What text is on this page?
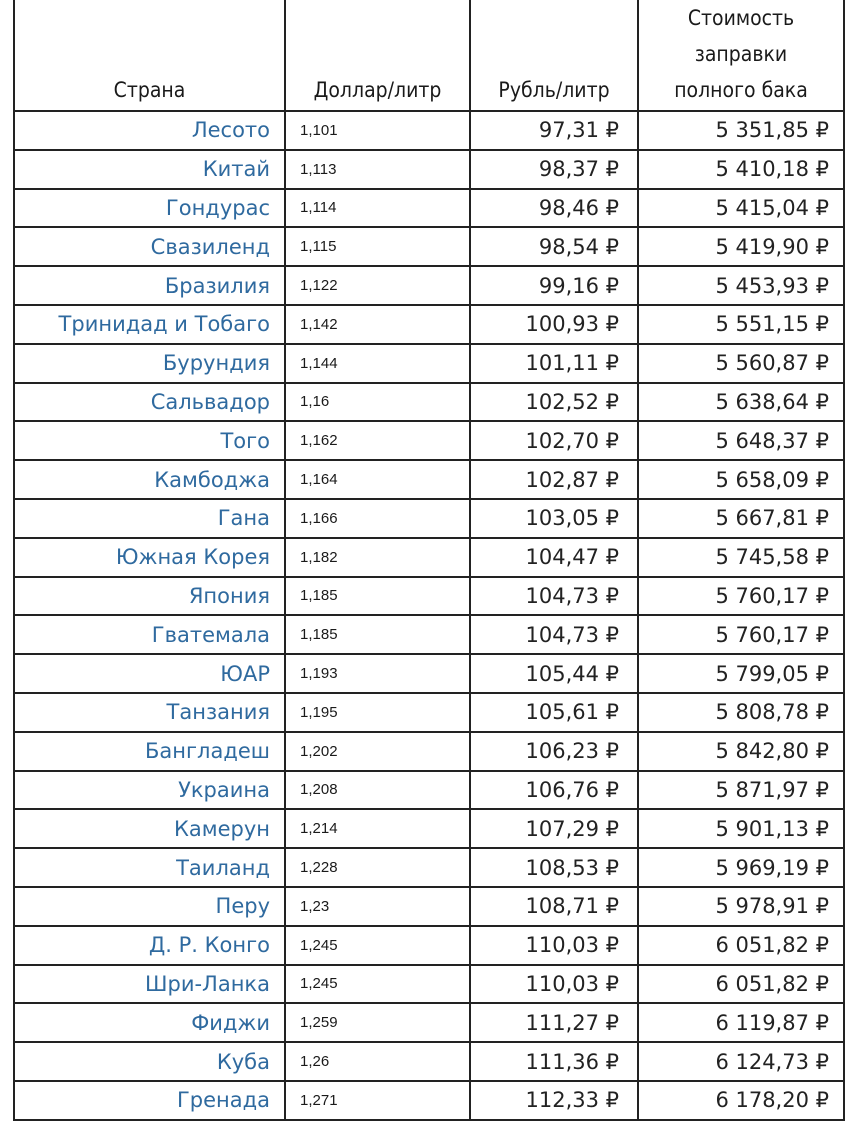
Страна	Доллар/литр	Рубль/литр	Стоимость
заправки
полного бака

Лесото	1,101	97,31 ₽	5 351,85 ₽
Китай	1,113	98,37 ₽	5 410,18 ₽
Гондурас	1,114	98,46 ₽	5 415,04 ₽
Свазиленд	1,115	98,54 ₽	5 419,90 ₽
Бразилия	1,122	99,16 ₽	5 453,93 ₽
Тринидад и Тобаго	1,142	100,93 ₽	5 551,15 ₽
Бурундия	1,144	101,11 ₽	5 560,87 ₽
Сальвадор	1,16	102,52 ₽	5 638,64 ₽
Того	1,162	102,70 ₽	5 648,37 ₽
Камбоджа	1,164	102,87 ₽	5 658,09 ₽
Гана	1,166	103,05 ₽	5 667,81 ₽
Южная Корея	1,182	104,47 ₽	5 745,58 ₽
Япония	1,185	104,73 ₽	5 760,17 ₽
Гватемала	1,185	104,73 ₽	5 760,17 ₽
ЮАР	1,193	105,44 ₽	5 799,05 ₽
Танзания	1,195	105,61 ₽	5 808,78 ₽
Бангладеш	1,202	106,23 ₽	5 842,80 ₽
Украина	1,208	106,76 ₽	5 871,97 ₽
Камерун	1,214	107,29 ₽	5 901,13 ₽
Таиланд	1,228	108,53 ₽	5 969,19 ₽
Перу	1,23	108,71 ₽	5 978,91 ₽
Д. Р. Конго	1,245	110,03 ₽	6 051,82 ₽
Шри-Ланка	1,245	110,03 ₽	6 051,82 ₽
Фиджи	1,259	111,27 ₽	6 119,87 ₽
Куба	1,26	111,36 ₽	6 124,73 ₽
Гренада	1,271	112,33 ₽	6 178,20 ₽
